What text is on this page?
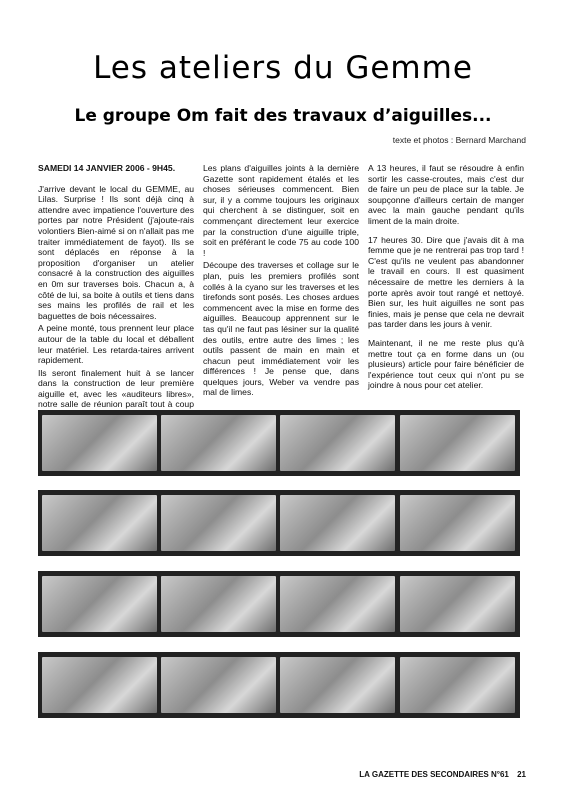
Les ateliers du Gemme
Le groupe Om fait des travaux d’aiguilles...
texte et photos : Bernard Marchand

SAMEDI 14 JANVIER 2006 - 9H45.

J'arrive devant le local du GEMME, au Lilas. Surprise ! Ils sont déjà cinq à attendre avec impatience l'ouverture des portes par notre Président (j'ajoute-rais volontiers Bien-aimé si on n'allait pas me traiter immédiatement de fayot). Ils se sont déplacés en réponse à la proposition d'organiser un atelier consacré à la construction des aiguilles en 0m sur traverses bois. Chacun a, à côté de lui, sa boite à outils et tiens dans ses mains les profilés de rail et les baguettes de bois nécessaires.

A peine monté, tous prennent leur place autour de la table du local et déballent leur matériel. Les retarda-taires arrivent rapidement.

Ils seront finalement huit à se lancer dans la construction de leur première aiguille et, avec les «auditeurs libres», notre salle de réunion paraît tout à coup

Les plans d'aiguilles joints à la dernière Gazette sont rapidement étalés et les choses sérieuses commencent. Bien sur, il y a comme toujours les originaux qui cherchent à se distinguer, soit en commençant directement leur exercice par la construction d'une aiguille triple, soit en préférant le code 75 au code 100 !

Découpe des traverses et collage sur le plan, puis les premiers profilés sont collés à la cyano sur les traverses et les tirefonds sont posés. Les choses ardues commencent avec la mise en forme des aiguilles. Beaucoup apprennent sur le tas qu'il ne faut pas lésiner sur la qualité des outils, entre autre des limes ; les outils passent de main en main et chacun peut immédiatement voir les différences ! Je pense que, dans quelques jours, Weber va vendre pas mal de limes.

A 13 heures, il faut se résoudre à enfin sortir les casse-croutes, mais c'est dur de faire un peu de place sur la table. Je soupçonne d'ailleurs certain de manger avec la main gauche pendant qu'ils liment de la main droite.

17 heures 30. Dire que j'avais dit à ma femme que je ne rentrerai pas trop tard ! C'est qu'ils ne veulent pas abandonner le travail en cours. Il est quasiment nécessaire de mettre les derniers à la porte après avoir tout rangé et nettoyé. Bien sur, les huit aiguilles ne sont pas finies, mais je pense que cela ne devrait pas tarder dans les jours à venir.

Maintenant, il ne me reste plus qu'à mettre tout ça en forme dans un (ou plusieurs) article pour faire bénéficier de l'expérience tout ceux qui n'ont pu se joindre à nous pour cet atelier.

LA GAZETTE DES SECONDAIRES N°61 21
